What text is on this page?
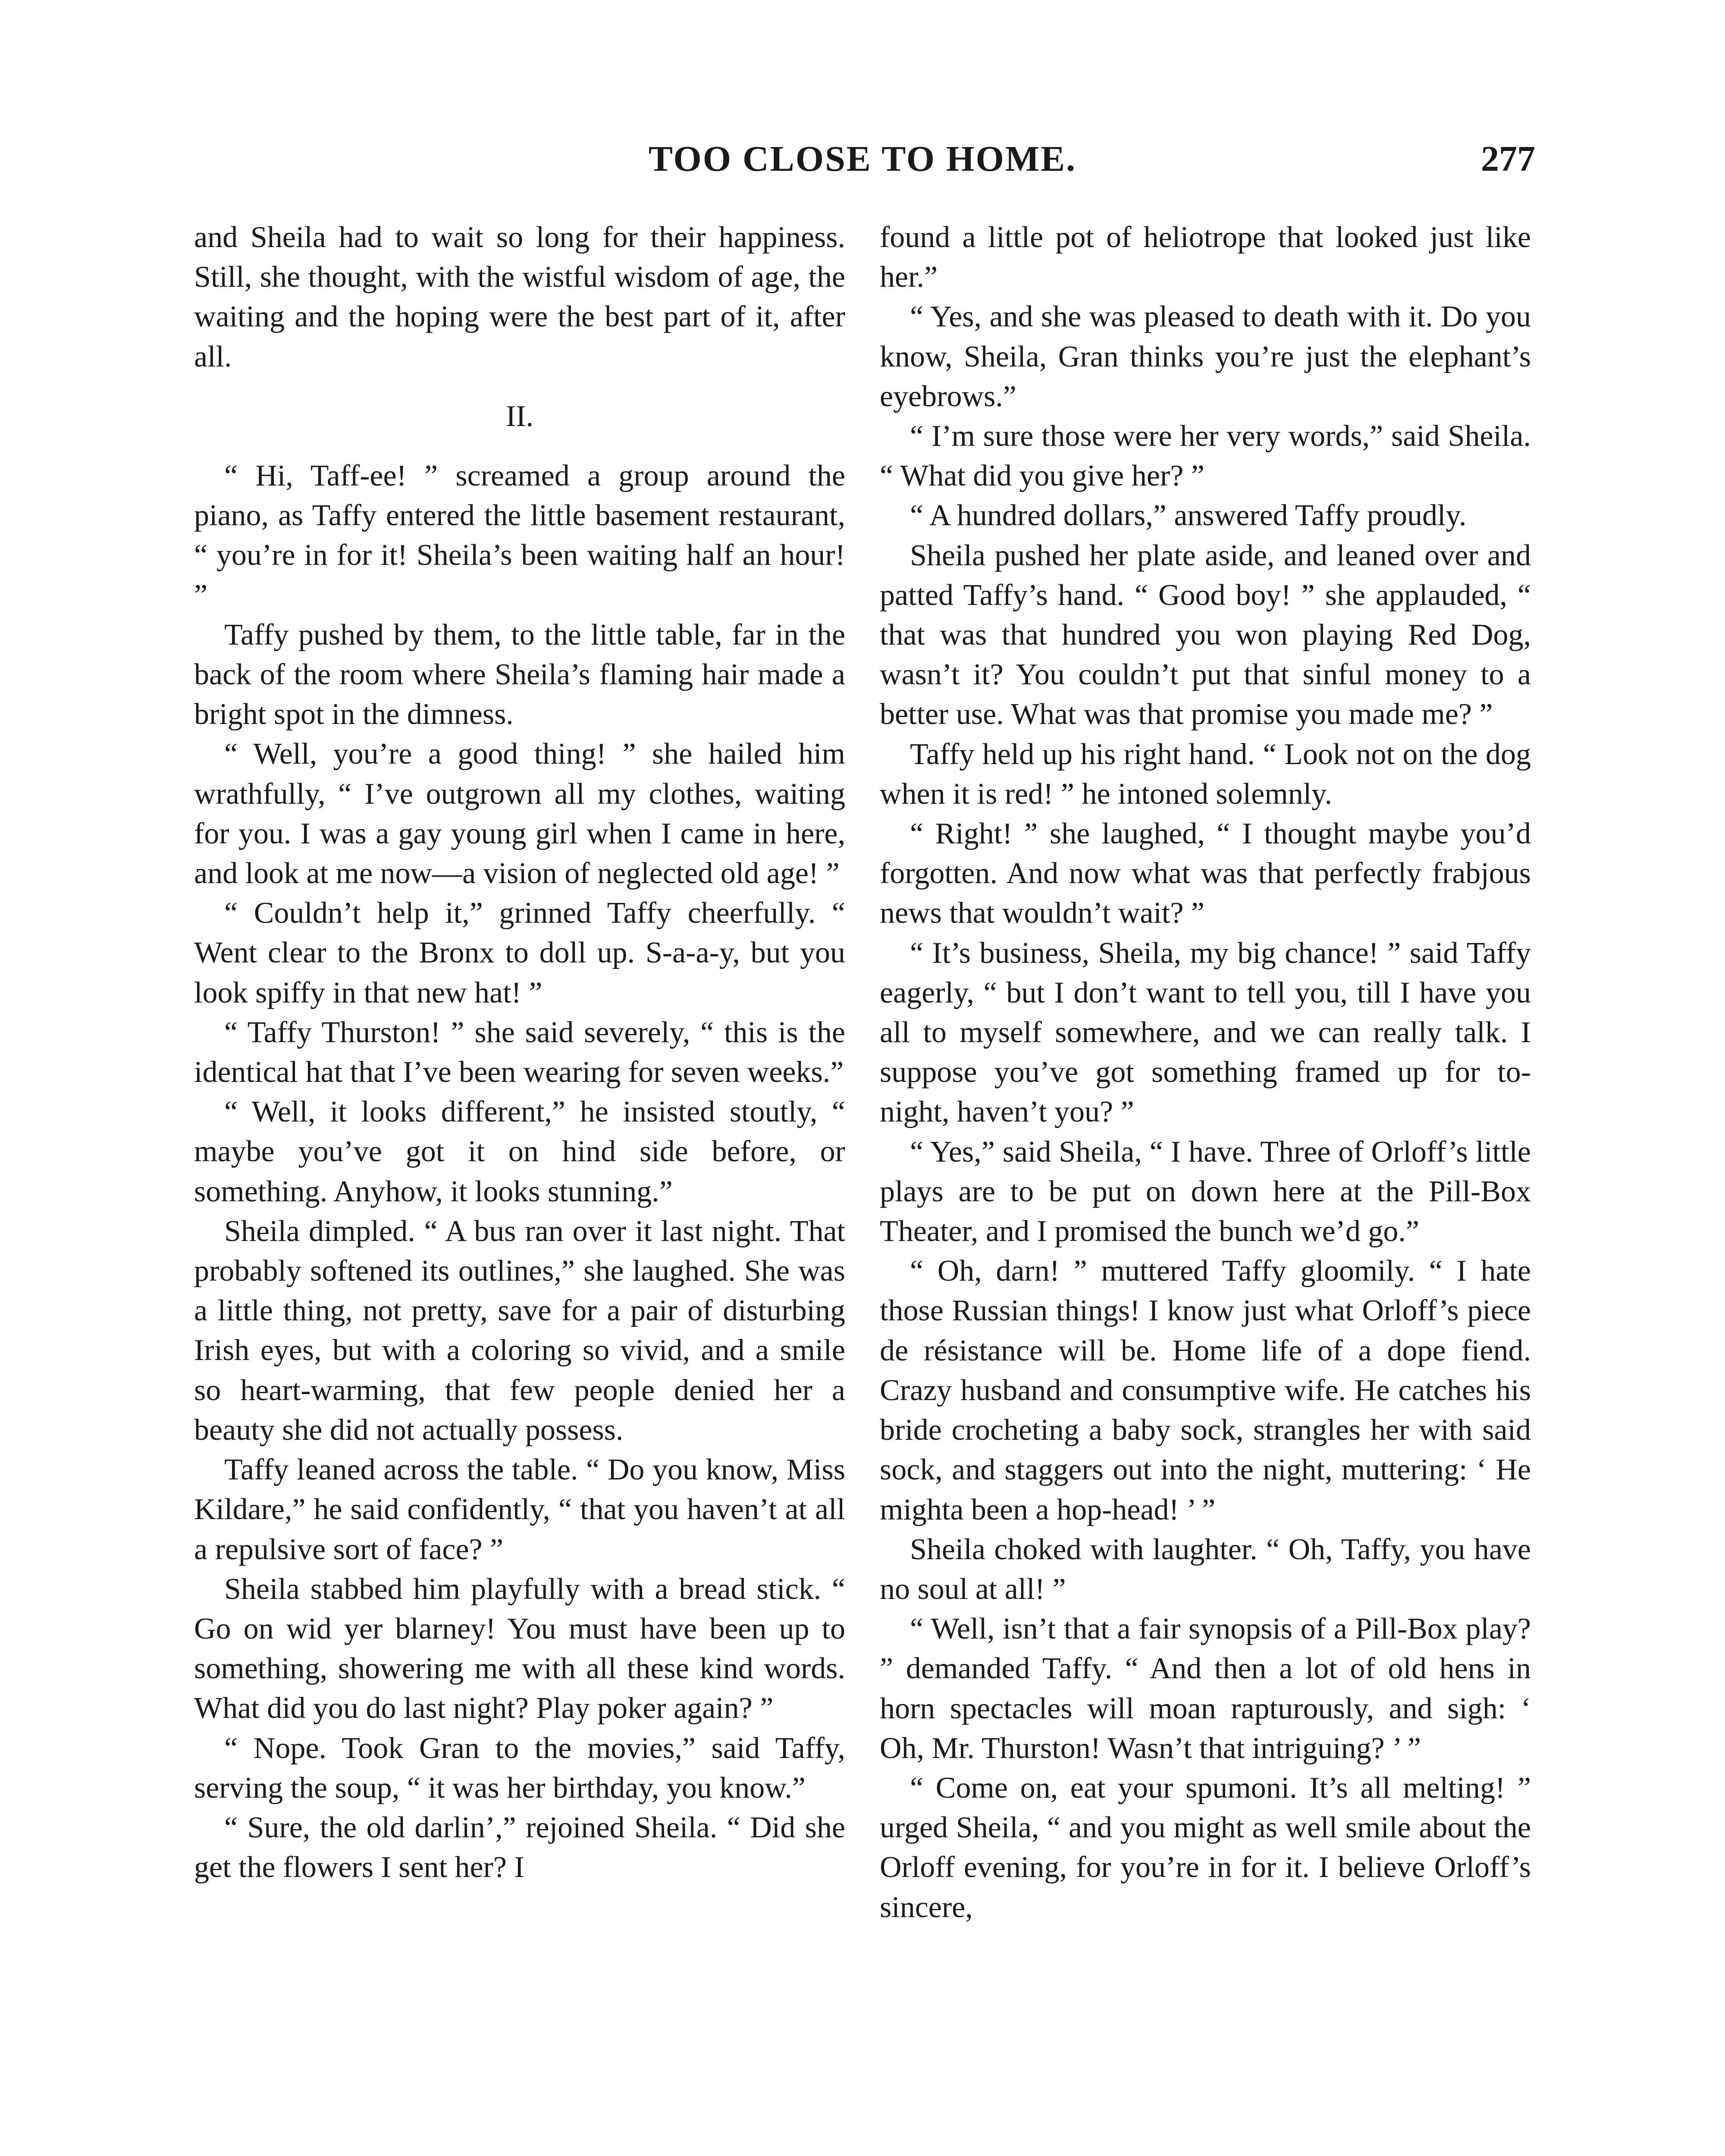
TOO CLOSE TO HOME.	277

and Sheila had to wait so long for their happiness. Still, she thought, with the wistful wisdom of age, the waiting and the hoping were the best part of it, after all.

II.

“ Hi, Taff-ee! ” screamed a group around the piano, as Taffy entered the little basement restaurant, “ you’re in for it! Sheila’s been waiting half an hour! ”

Taffy pushed by them, to the little table, far in the back of the room where Sheila’s flaming hair made a bright spot in the dimness.

“ Well, you’re a good thing! ” she hailed him wrathfully, “ I’ve outgrown all my clothes, waiting for you. I was a gay young girl when I came in here, and look at me now—a vision of neglected old age! ”

“ Couldn’t help it,” grinned Taffy cheerfully. “ Went clear to the Bronx to doll up. S-a-a-y, but you look spiffy in that new hat! ”

“ Taffy Thurston! ” she said severely, “ this is the identical hat that I’ve been wearing for seven weeks.”

“ Well, it looks different,” he insisted stoutly, “ maybe you’ve got it on hind side before, or something. Anyhow, it looks stunning.”

Sheila dimpled. “ A bus ran over it last night. That probably softened its outlines,” she laughed. She was a little thing, not pretty, save for a pair of disturbing Irish eyes, but with a coloring so vivid, and a smile so heart-warming, that few people denied her a beauty she did not actually possess.

Taffy leaned across the table. “ Do you know, Miss Kildare,” he said confidently, “ that you haven’t at all a repulsive sort of face? ”

Sheila stabbed him playfully with a bread stick. “ Go on wid yer blarney! You must have been up to something, showering me with all these kind words. What did you do last night? Play poker again? ”

“ Nope. Took Gran to the movies,” said Taffy, serving the soup, “ it was her birthday, you know.”

“ Sure, the old darlin’,” rejoined Sheila. “ Did she get the flowers I sent her? I

found a little pot of heliotrope that looked just like her.”

“ Yes, and she was pleased to death with it. Do you know, Sheila, Gran thinks you’re just the elephant’s eyebrows.”

“ I’m sure those were her very words,” said Sheila. “ What did you give her? ”

“ A hundred dollars,” answered Taffy proudly.

Sheila pushed her plate aside, and leaned over and patted Taffy’s hand. “ Good boy! ” she applauded, “ that was that hundred you won playing Red Dog, wasn’t it? You couldn’t put that sinful money to a better use. What was that promise you made me? ”

Taffy held up his right hand. “ Look not on the dog when it is red! ” he intoned solemnly.

“ Right! ” she laughed, “ I thought maybe you’d forgotten. And now what was that perfectly frabjous news that wouldn’t wait? ”

“ It’s business, Sheila, my big chance! ” said Taffy eagerly, “ but I don’t want to tell you, till I have you all to myself somewhere, and we can really talk. I suppose you’ve got something framed up for to-night, haven’t you? ”

“ Yes,” said Sheila, “ I have. Three of Orloff’s little plays are to be put on down here at the Pill-Box Theater, and I promised the bunch we’d go.”

“ Oh, darn! ” muttered Taffy gloomily. “ I hate those Russian things! I know just what Orloff’s piece de résistance will be. Home life of a dope fiend. Crazy husband and consumptive wife. He catches his bride crocheting a baby sock, strangles her with said sock, and staggers out into the night, muttering: ‘ He mighta been a hop-head! ’ ”

Sheila choked with laughter. “ Oh, Taffy, you have no soul at all! ”

“ Well, isn’t that a fair synopsis of a Pill-Box play? ” demanded Taffy. “ And then a lot of old hens in horn spectacles will moan rapturously, and sigh: ‘ Oh, Mr. Thurston! Wasn’t that intriguing? ’ ”

“ Come on, eat your spumoni. It’s all melting! ” urged Sheila, “ and you might as well smile about the Orloff evening, for you’re in for it. I believe Orloff’s sincere,
